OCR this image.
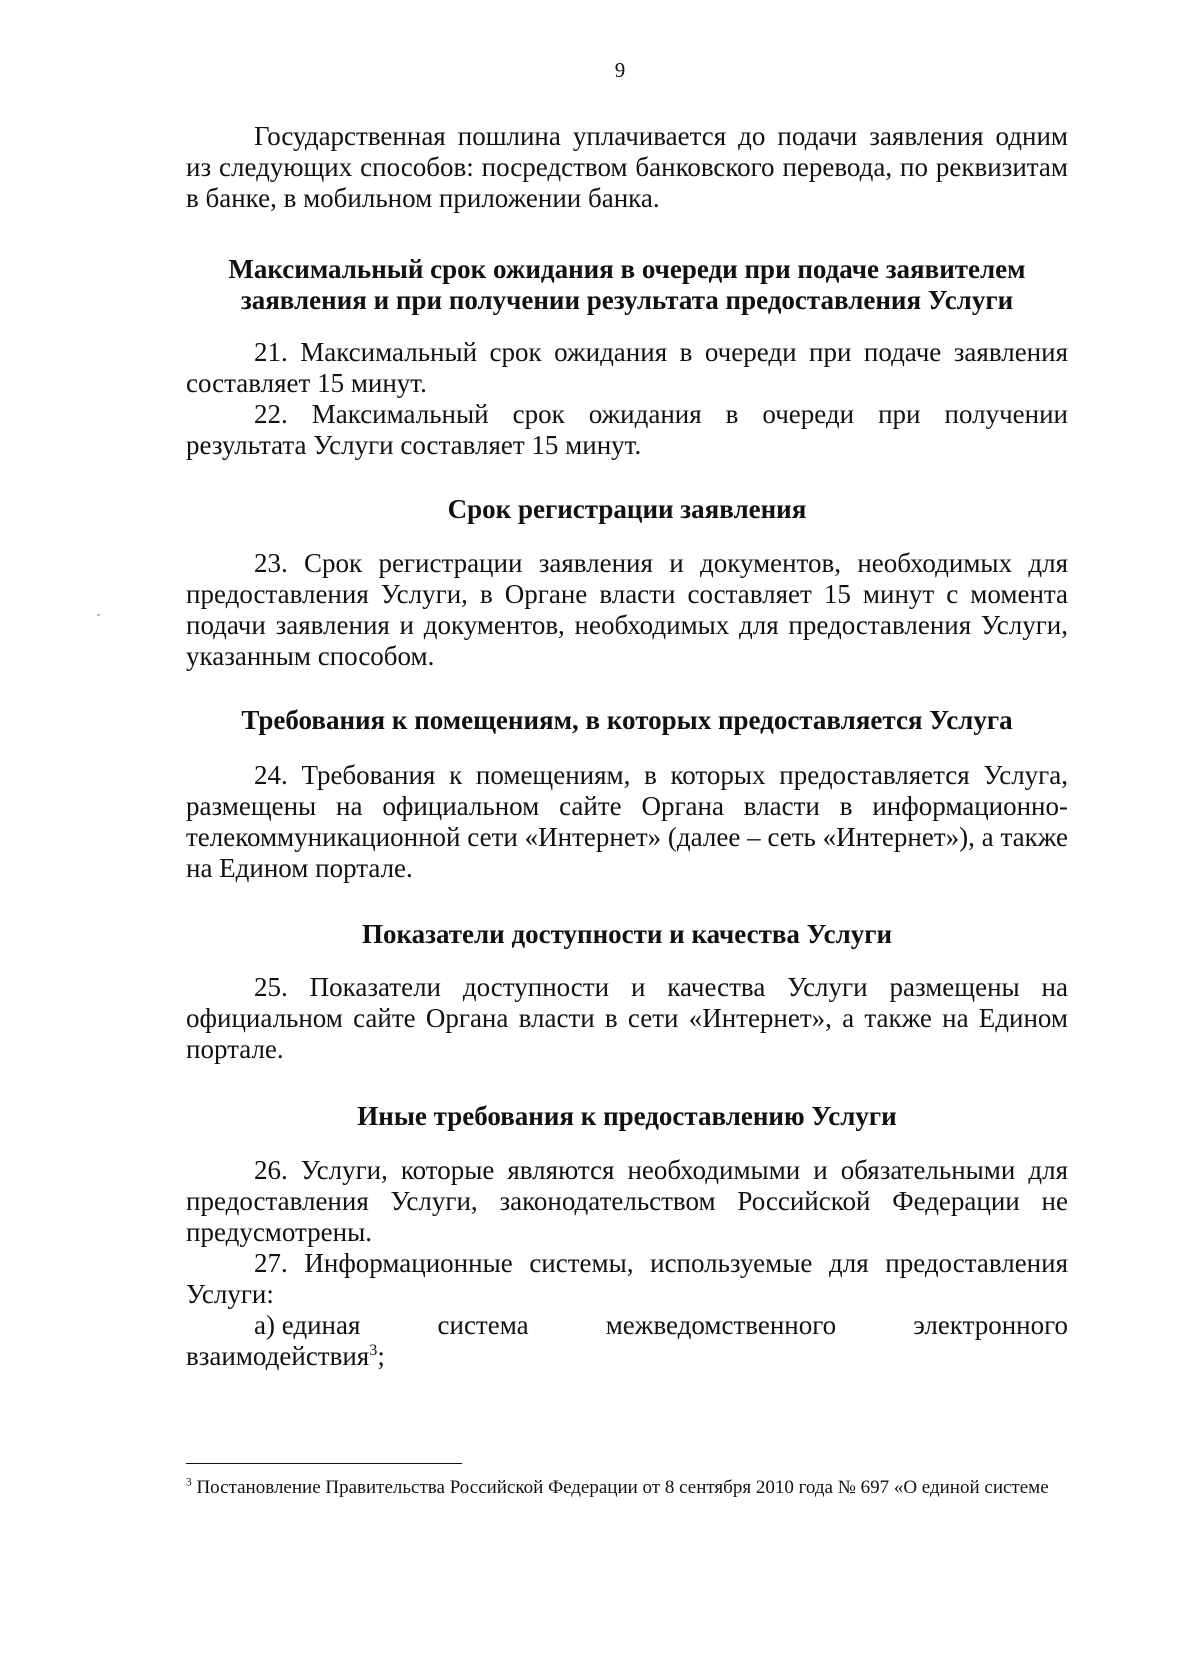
9

Государственная пошлина уплачивается до подачи заявления одним из следующих способов: посредством банковского перевода, по реквизитам в банке, в мобильном приложении банка.

Максимальный срок ожидания в очереди при подаче заявителем заявления и при получении результата предоставления Услуги

21. Максимальный срок ожидания в очереди при подаче заявления составляет 15 минут.

22. Максимальный срок ожидания в очереди при получении результата Услуги составляет 15 минут.

Срок регистрации заявления

23. Срок регистрации заявления и документов, необходимых для предоставления Услуги, в Органе власти составляет 15 минут с момента подачи заявления и документов, необходимых для предоставления Услуги, указанным способом.

Требования к помещениям, в которых предоставляется Услуга

24. Требования к помещениям, в которых предоставляется Услуга, размещены на официальном сайте Органа власти в информационно-телекоммуникационной сети «Интернет» (далее – сеть «Интернет»), а также на Едином портале.

Показатели доступности и качества Услуги

25. Показатели доступности и качества Услуги размещены на официальном сайте Органа власти в сети «Интернет», а также на Едином портале.

Иные требования к предоставлению Услуги

26. Услуги, которые являются необходимыми и обязательными для предоставления Услуги, законодательством Российской Федерации не предусмотрены.

27. Информационные системы, используемые для предоставления Услуги:

а) единая	система	межведомственного	электронного
взаимодействия$^3$;
$^3$ Постановление Правительства Российской Федерации от 8 сентября 2010 года № 697 «О единой системе
